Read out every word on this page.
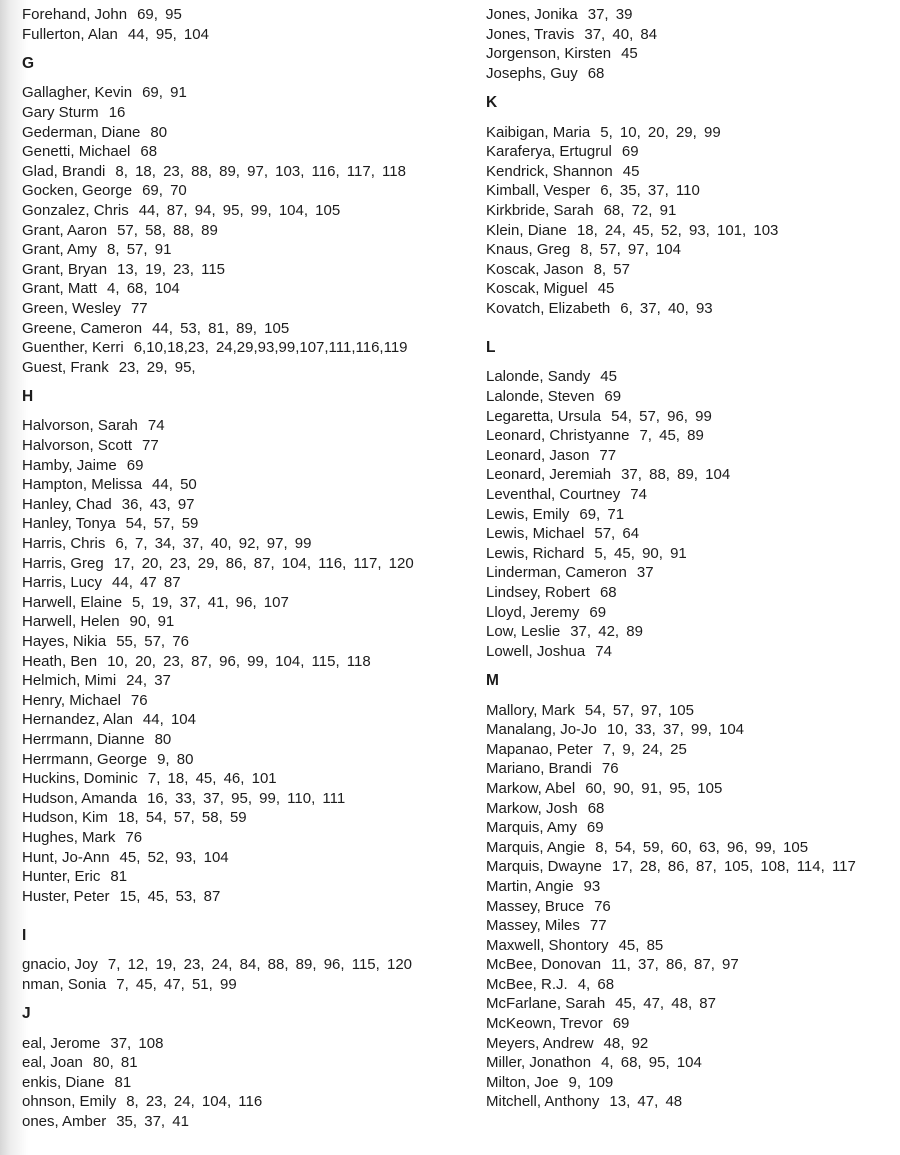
Forehand, John 69, 95
Fullerton, Alan 44, 95, 104
G
Gallagher, Kevin 69, 91
Gary Sturm 16
Gederman, Diane 80
Genetti, Michael 68
Glad, Brandi 8, 18, 23, 88, 89, 97, 103, 116, 117, 118
Gocken, George 69, 70
Gonzalez, Chris 44, 87, 94, 95, 99, 104, 105
Grant, Aaron 57, 58, 88, 89
Grant, Amy 8, 57, 91
Grant, Bryan 13, 19, 23, 115
Grant, Matt 4, 68, 104
Green, Wesley 77
Greene, Cameron 44, 53, 81, 89, 105
Guenther, Kerri 6,10,18,23, 24,29,93,99,107,111,116,119
Guest, Frank 23, 29, 95,
H
Halvorson, Sarah 74
Halvorson, Scott 77
Hamby, Jaime 69
Hampton, Melissa 44, 50
Hanley, Chad 36, 43, 97
Hanley, Tonya 54, 57, 59
Harris, Chris 6, 7, 34, 37, 40, 92, 97, 99
Harris, Greg 17, 20, 23, 29, 86, 87, 104, 116, 117, 120
Harris, Lucy 44, 47 87
Harwell, Elaine 5, 19, 37, 41, 96, 107
Harwell, Helen 90, 91
Hayes, Nikia 55, 57, 76
Heath, Ben 10, 20, 23, 87, 96, 99, 104, 115, 118
Helmich, Mimi 24, 37
Henry, Michael 76
Hernandez, Alan 44, 104
Herrmann, Dianne 80
Herrmann, George 9, 80
Huckins, Dominic 7, 18, 45, 46, 101
Hudson, Amanda 16, 33, 37, 95, 99, 110, 111
Hudson, Kim 18, 54, 57, 58, 59
Hughes, Mark 76
Hunt, Jo-Ann 45, 52, 93, 104
Hunter, Eric 81
Huster, Peter 15, 45, 53, 87
I
gnacio, Joy 7, 12, 19, 23, 24, 84, 88, 89, 96, 115, 120
nman, Sonia 7, 45, 47, 51, 99
J
eal, Jerome 37, 108
eal, Joan 80, 81
enkis, Diane 81
ohnson, Emily 8, 23, 24, 104, 116
ones, Amber 35, 37, 41
Jones, Jonika 37, 39
Jones, Travis 37, 40, 84
Jorgenson, Kirsten 45
Josephs, Guy 68
K
Kaibigan, Maria 5, 10, 20, 29, 99
Karaferya, Ertugrul 69
Kendrick, Shannon 45
Kimball, Vesper 6, 35, 37, 110
Kirkbride, Sarah 68, 72, 91
Klein, Diane 18, 24, 45, 52, 93, 101, 103
Knaus, Greg 8, 57, 97, 104
Koscak, Jason 8, 57
Koscak, Miguel 45
Kovatch, Elizabeth 6, 37, 40, 93
L
Lalonde, Sandy 45
Lalonde, Steven 69
Legaretta, Ursula 54, 57, 96, 99
Leonard, Christyanne 7, 45, 89
Leonard, Jason 77
Leonard, Jeremiah 37, 88, 89, 104
Leventhal, Courtney 74
Lewis, Emily 69, 71
Lewis, Michael 57, 64
Lewis, Richard 5, 45, 90, 91
Linderman, Cameron 37
Lindsey, Robert 68
Lloyd, Jeremy 69
Low, Leslie 37, 42, 89
Lowell, Joshua 74
M
Mallory, Mark 54, 57, 97, 105
Manalang, Jo-Jo 10, 33, 37, 99, 104
Mapanao, Peter 7, 9, 24, 25
Mariano, Brandi 76
Markow, Abel 60, 90, 91, 95, 105
Markow, Josh 68
Marquis, Amy 69
Marquis, Angie 8, 54, 59, 60, 63, 96, 99, 105
Marquis, Dwayne 17, 28, 86, 87, 105, 108, 114, 117
Martin, Angie 93
Massey, Bruce 76
Massey, Miles 77
Maxwell, Shontory 45, 85
McBee, Donovan 11, 37, 86, 87, 97
McBee, R.J. 4, 68
McFarlane, Sarah 45, 47, 48, 87
McKeown, Trevor 69
Meyers, Andrew 48, 92
Miller, Jonathon 4, 68, 95, 104
Milton, Joe 9, 109
Mitchell, Anthony 13, 47, 48
